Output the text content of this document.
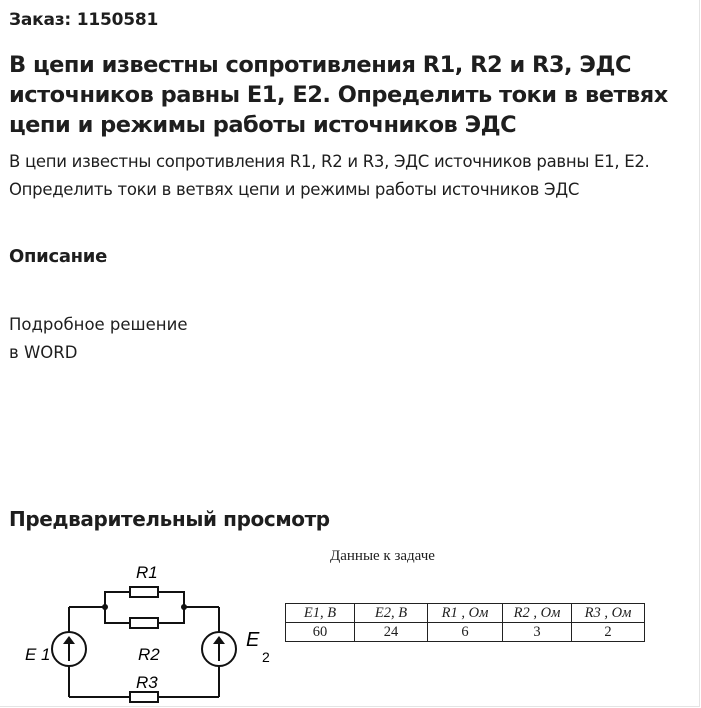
Заказ: 1150581
В цепи известны сопротивления R1, R2 и R3, ЭДС источников равны E1, E2. Определить токи в ветвях цепи и режимы работы источников ЭДС
В цепи известны сопротивления R1, R2 и R3, ЭДС источников равны E1, E2. Определить токи в ветвях цепи и режимы работы источников ЭДС
Описание
Подробное решение
в WORD
Предварительный просмотр
Данные к задаче
R1
R2
R3
E 1
E
2
E1, В	E2, В	R1 , Ом	R2 , Ом	R3 , Ом
60	24	6	3	2
